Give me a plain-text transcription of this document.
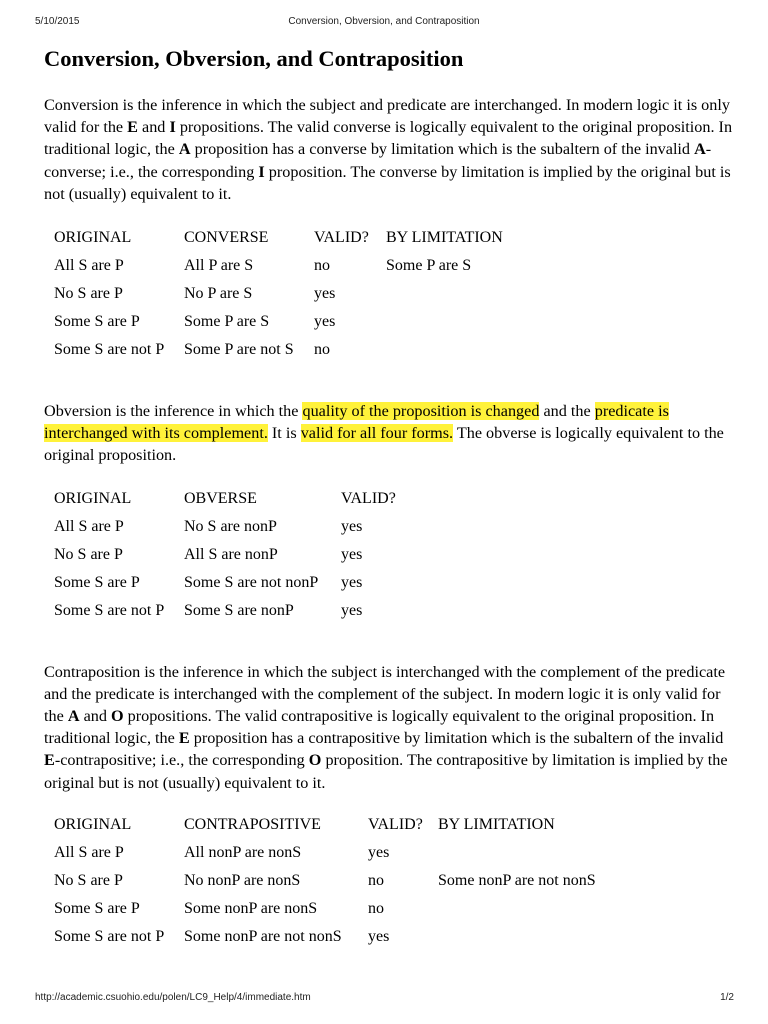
5/10/2015	Conversion, Obversion, and Contraposition
Conversion, Obversion, and Contraposition

Conversion is the inference in which the subject and predicate are interchanged. In modern logic it is only valid for the E and I propositions. The valid converse is logically equivalent to the original proposition. In traditional logic, the A proposition has a converse by limitation which is the subaltern of the invalid A-converse; i.e., the corresponding I proposition. The converse by limitation is implied by the original but is not (usually) equivalent to it.

ORIGINAL	CONVERSE	VALID?	BY LIMITATION
All S are P	All P are S	no	Some P are S
No S are P	No P are S	yes	
Some S are P	Some P are S	yes	
Some S are not P	Some P are not S	no	

Obversion is the inference in which the quality of the proposition is changed and the predicate is interchanged with its complement. It is valid for all four forms. The obverse is logically equivalent to the original proposition.

ORIGINAL	OBVERSE	VALID?
All S are P	No S are nonP	yes
No S are P	All S are nonP	yes
Some S are P	Some S are not nonP	yes
Some S are not P	Some S are nonP	yes

Contraposition is the inference in which the subject is interchanged with the complement of the predicate and the predicate is interchanged with the complement of the subject. In modern logic it is only valid for the A and O propositions. The valid contrapositive is logically equivalent to the original proposition. In traditional logic, the E proposition has a contrapositive by limitation which is the subaltern of the invalid E-contrapositive; i.e., the corresponding O proposition. The contrapositive by limitation is implied by the original but is not (usually) equivalent to it.

ORIGINAL	CONTRAPOSITIVE	VALID?	BY LIMITATION
All S are P	All nonP are nonS	yes	
No S are P	No nonP are nonS	no	Some nonP are not nonS
Some S are P	Some nonP are nonS	no	
Some S are not P	Some nonP are not nonS	yes	
http://academic.csuohio.edu/polen/LC9_Help/4/immediate.htm	1/2
